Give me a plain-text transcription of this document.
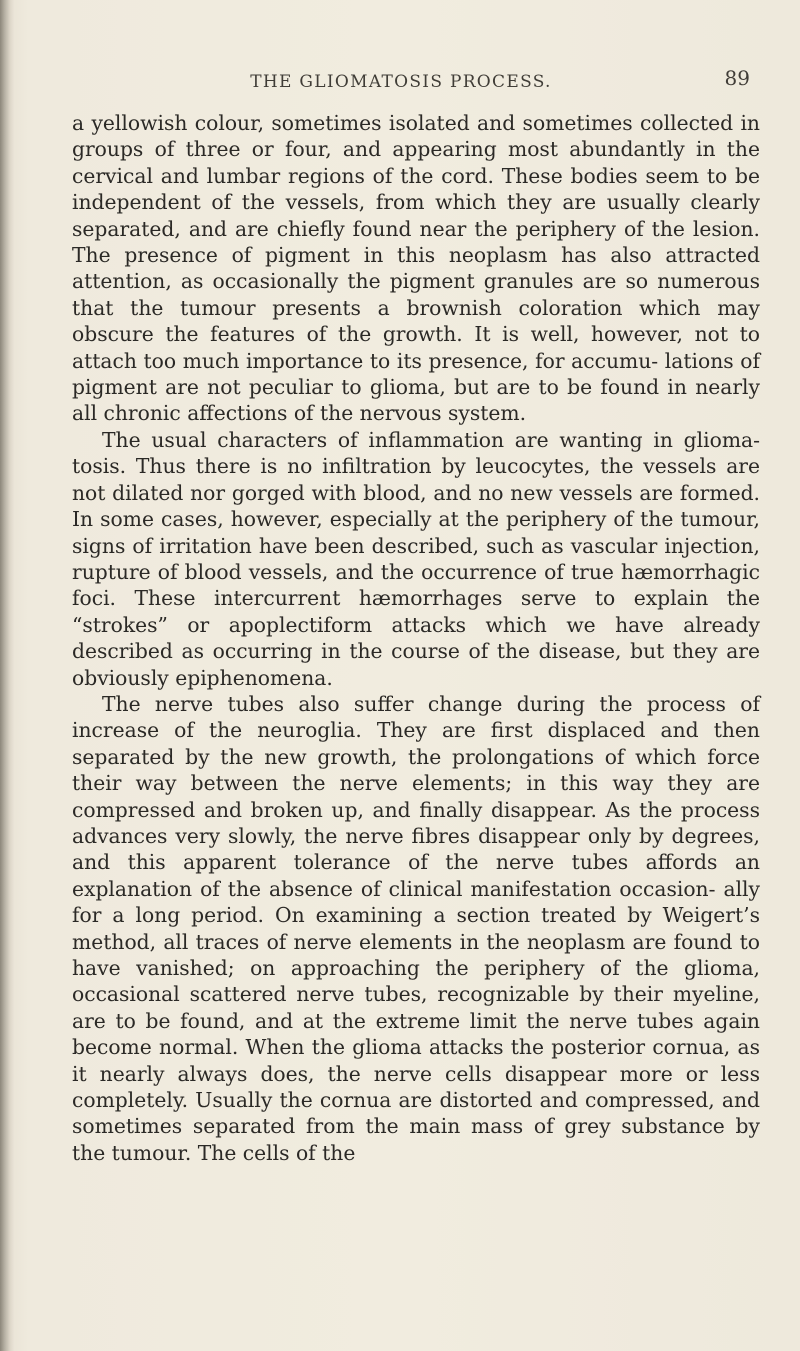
THE GLIOMATOSIS PROCESS.	89

a yellowish colour, sometimes isolated and sometimes collected in groups of three or four, and appearing most abundantly in the cervical and lumbar regions of the cord. These bodies seem to be independent of the vessels, from which they are usually clearly separated, and are chiefly found near the periphery of the lesion. The presence of pigment in this neoplasm has also attracted attention, as occasionally the pigment granules are so numerous that the tumour presents a brownish coloration which may obscure the features of the growth. It is well, however, not to attach too much importance to its presence, for accumu- lations of pigment are not peculiar to glioma, but are to be found in nearly all chronic affections of the nervous system.

The usual characters of inflammation are wanting in glioma- tosis. Thus there is no infiltration by leucocytes, the vessels are not dilated nor gorged with blood, and no new vessels are formed. In some cases, however, especially at the periphery of the tumour, signs of irritation have been described, such as vascular injection, rupture of blood vessels, and the occurrence of true hæmorrhagic foci. These intercurrent hæmorrhages serve to explain the “strokes” or apoplectiform attacks which we have already described as occurring in the course of the disease, but they are obviously epiphenomena.

The nerve tubes also suffer change during the process of increase of the neuroglia. They are first displaced and then separated by the new growth, the prolongations of which force their way between the nerve elements; in this way they are compressed and broken up, and finally disappear. As the process advances very slowly, the nerve fibres disappear only by degrees, and this apparent tolerance of the nerve tubes affords an explanation of the absence of clinical manifestation occasion- ally for a long period. On examining a section treated by Weigert’s method, all traces of nerve elements in the neoplasm are found to have vanished; on approaching the periphery of the glioma, occasional scattered nerve tubes, recognizable by their myeline, are to be found, and at the extreme limit the nerve tubes again become normal. When the glioma attacks the posterior cornua, as it nearly always does, the nerve cells disappear more or less completely. Usually the cornua are distorted and compressed, and sometimes separated from the main mass of grey substance by the tumour. The cells of the
